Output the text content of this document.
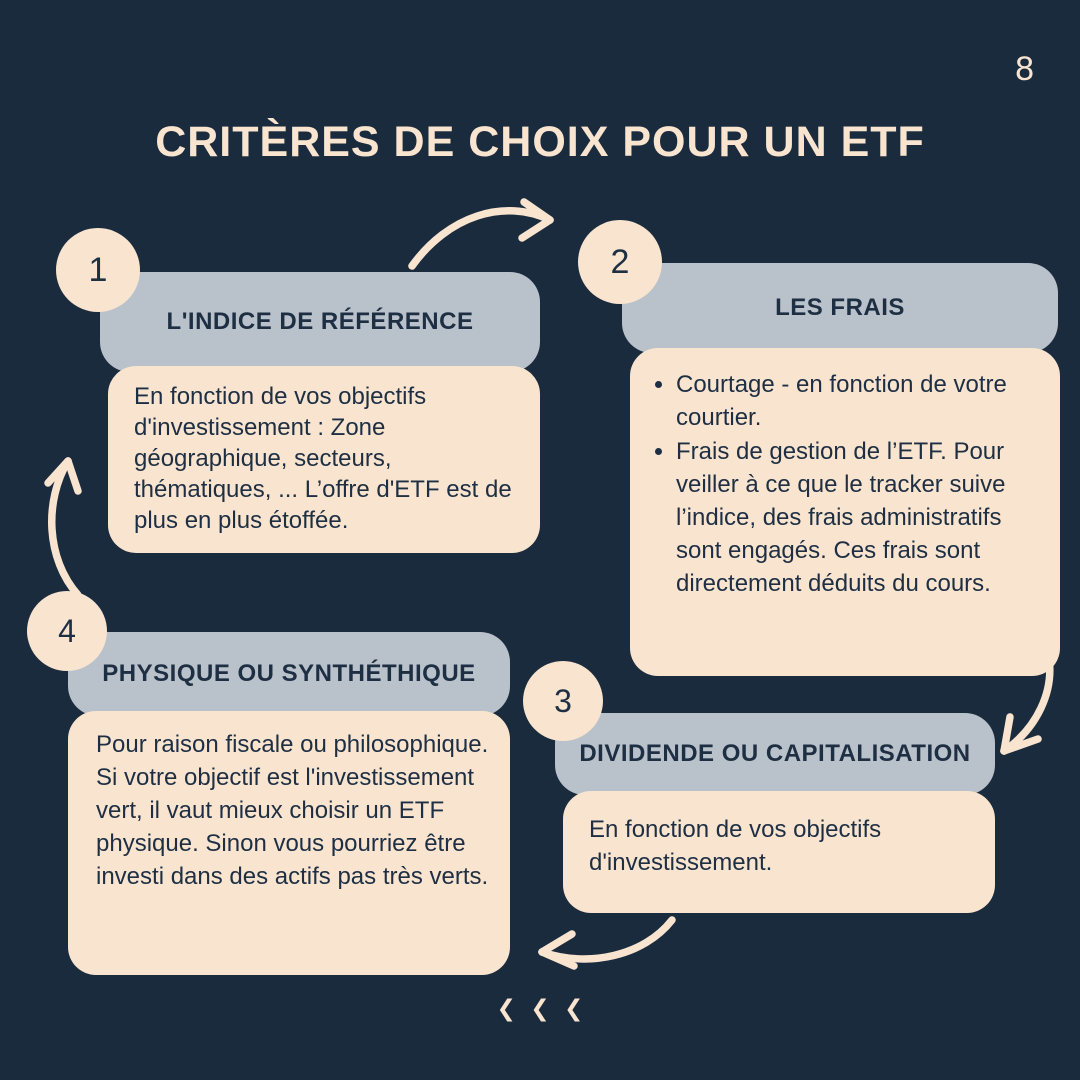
8
CRITÈRES DE CHOIX POUR UN ETF
1
L'INDICE DE RÉFÉRENCE

En fonction de vos objectifs d'investissement : Zone géographique, secteurs, thématiques, ... L’offre d'ETF est de plus en plus étoffée.

2
LES FRAIS
• Courtage - en fonction de votre courtier.
• Frais de gestion de l’ETF. Pour veiller à ce que le tracker suive l’indice, des frais administratifs sont engagés. Ces frais sont directement déduits du cours.
3
DIVIDENDE OU CAPITALISATION

En fonction de vos objectifs d'investissement.

4
PHYSIQUE OU SYNTHÉTHIQUE

Pour raison fiscale ou philosophique. Si votre objectif est l'investissement vert, il vaut mieux choisir un ETF physique. Sinon vous pourriez être investi dans des actifs pas très verts.

❮ ❮ ❮
